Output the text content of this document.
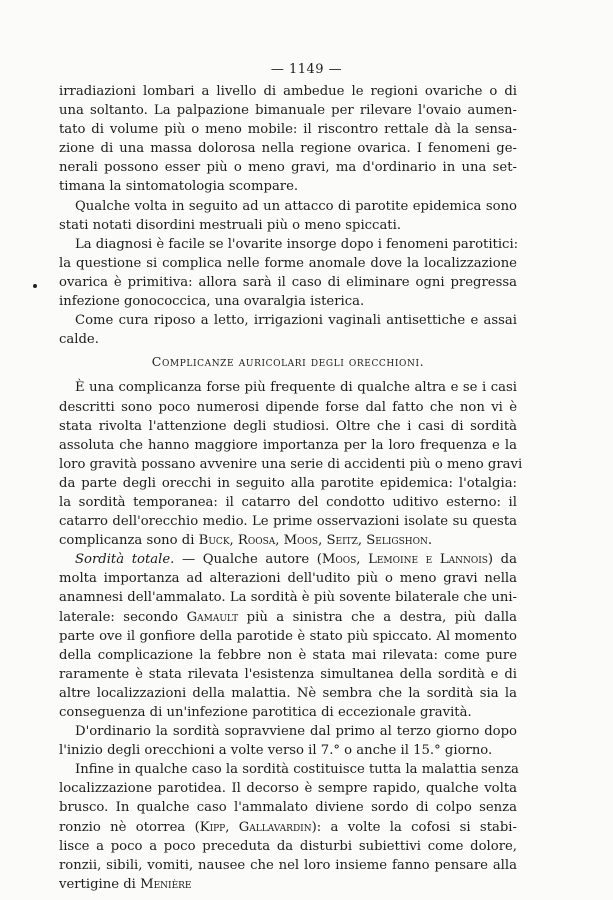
— 1149 —
irradiazioni lombari a livello di ambedue le regioni ovariche o di
una soltanto. La palpazione bimanuale per rilevare l'ovaio aumen-
tato di volume più o meno mobile: il riscontro rettale dà la sensa-
zione di una massa dolorosa nella regione ovarica. I fenomeni ge-
nerali possono esser più o meno gravi, ma d'ordinario in una set-
timana la sintomatologia scompare.
Qualche volta in seguito ad un attacco di parotite epidemica sono
stati notati disordini mestruali più o meno spiccati.
La diagnosi è facile se l'ovarite insorge dopo i fenomeni parotitici:
la questione si complica nelle forme anomale dove la localizzazione
ovarica è primitiva: allora sarà il caso di eliminare ogni pregressa
infezione gonococcica, una ovaralgia isterica.
Come cura riposo a letto, irrigazioni vaginali antisettiche e assai
calde.
Complicanze auricolari degli orecchioni.
È una complicanza forse più frequente di qualche altra e se i casi
descritti sono poco numerosi dipende forse dal fatto che non vi è
stata rivolta l'attenzione degli studiosi. Oltre che i casi di sordità
assoluta che hanno maggiore importanza per la loro frequenza e la
loro gravità possano avvenire una serie di accidenti più o meno gravi
da parte degli orecchi in seguito alla parotite epidemica: l'otalgia:
la sordità temporanea: il catarro del condotto uditivo esterno: il
catarro dell'orecchio medio. Le prime osservazioni isolate su questa
complicanza sono di Buck, Roosa, Moos, Seitz, Seligshon.
Sordità totale. — Qualche autore (Moos, Lemoine e Lannois) da
molta importanza ad alterazioni dell'udito più o meno gravi nella
anamnesi dell'ammalato. La sordità è più sovente bilaterale che uni-
laterale: secondo Gamault più a sinistra che a destra, più dalla
parte ove il gonfiore della parotide è stato più spiccato. Al momento
della complicazione la febbre non è stata mai rilevata: come pure
raramente è stata rilevata l'esistenza simultanea della sordità e di
altre localizzazioni della malattia. Nè sembra che la sordità sia la
conseguenza di un'infezione parotitica di eccezionale gravità.
D'ordinario la sordità sopravviene dal primo al terzo giorno dopo
l'inizio degli orecchioni a volte verso il 7.° o anche il 15.° giorno.
Infine in qualche caso la sordità costituisce tutta la malattia senza
localizzazione parotidea. Il decorso è sempre rapido, qualche volta
brusco. In qualche caso l'ammalato diviene sordo di colpo senza
ronzio nè otorrea (Kipp, Gallavardin): a volte la cofosi si stabi-
lisce a poco a poco preceduta da disturbi subiettivi come dolore,
ronzii, sibili, vomiti, nausee che nel loro insieme fanno pensare alla
vertigine di Menière
